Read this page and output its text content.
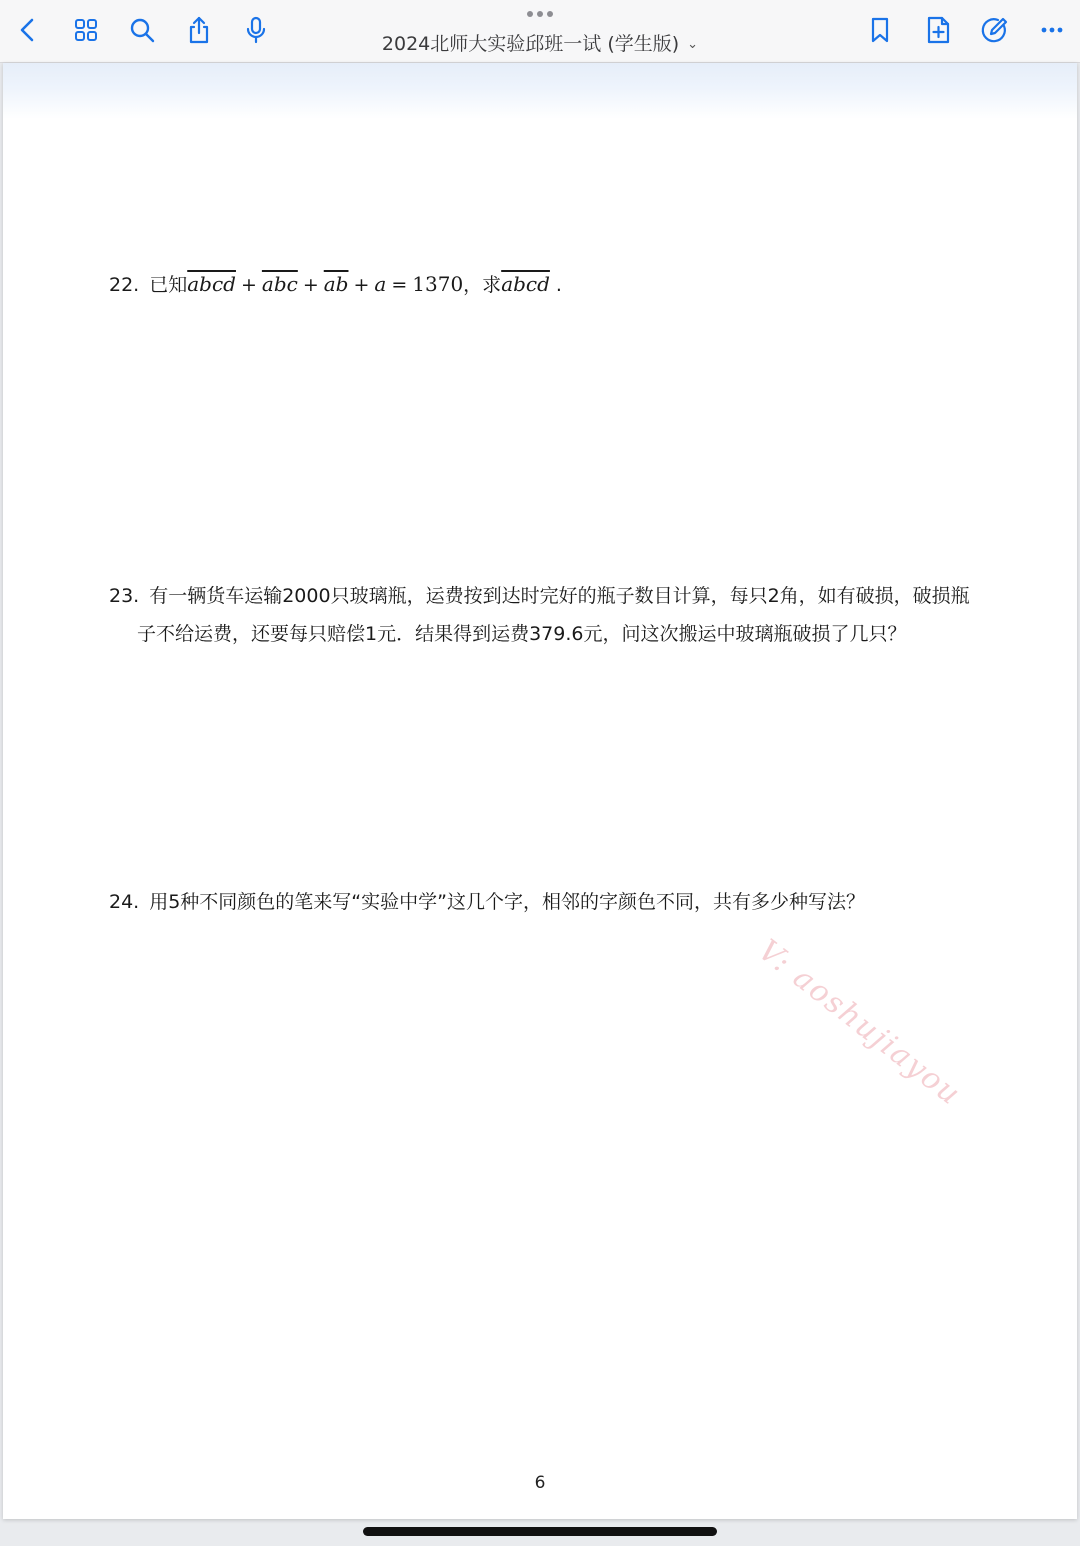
2024北师大实验邱班一试 (学生版) ⌄
22. 已知abcd + $\overline{abc} + \overline{ab} + a = 1370$，求abcd .
23. 有一辆货车运输2000只玻璃瓶，运费按到达时完好的瓶子数目计算，每只2角，如有破损，破损瓶
子不给运费，还要每只赔偿1元．结果得到运费379.6元，问这次搬运中玻璃瓶破损了几只？
24. 用5种不同颜色的笔来写“实验中学”这几个字，相邻的字颜色不同，共有多少种写法？
V: aoshujiayou
6
